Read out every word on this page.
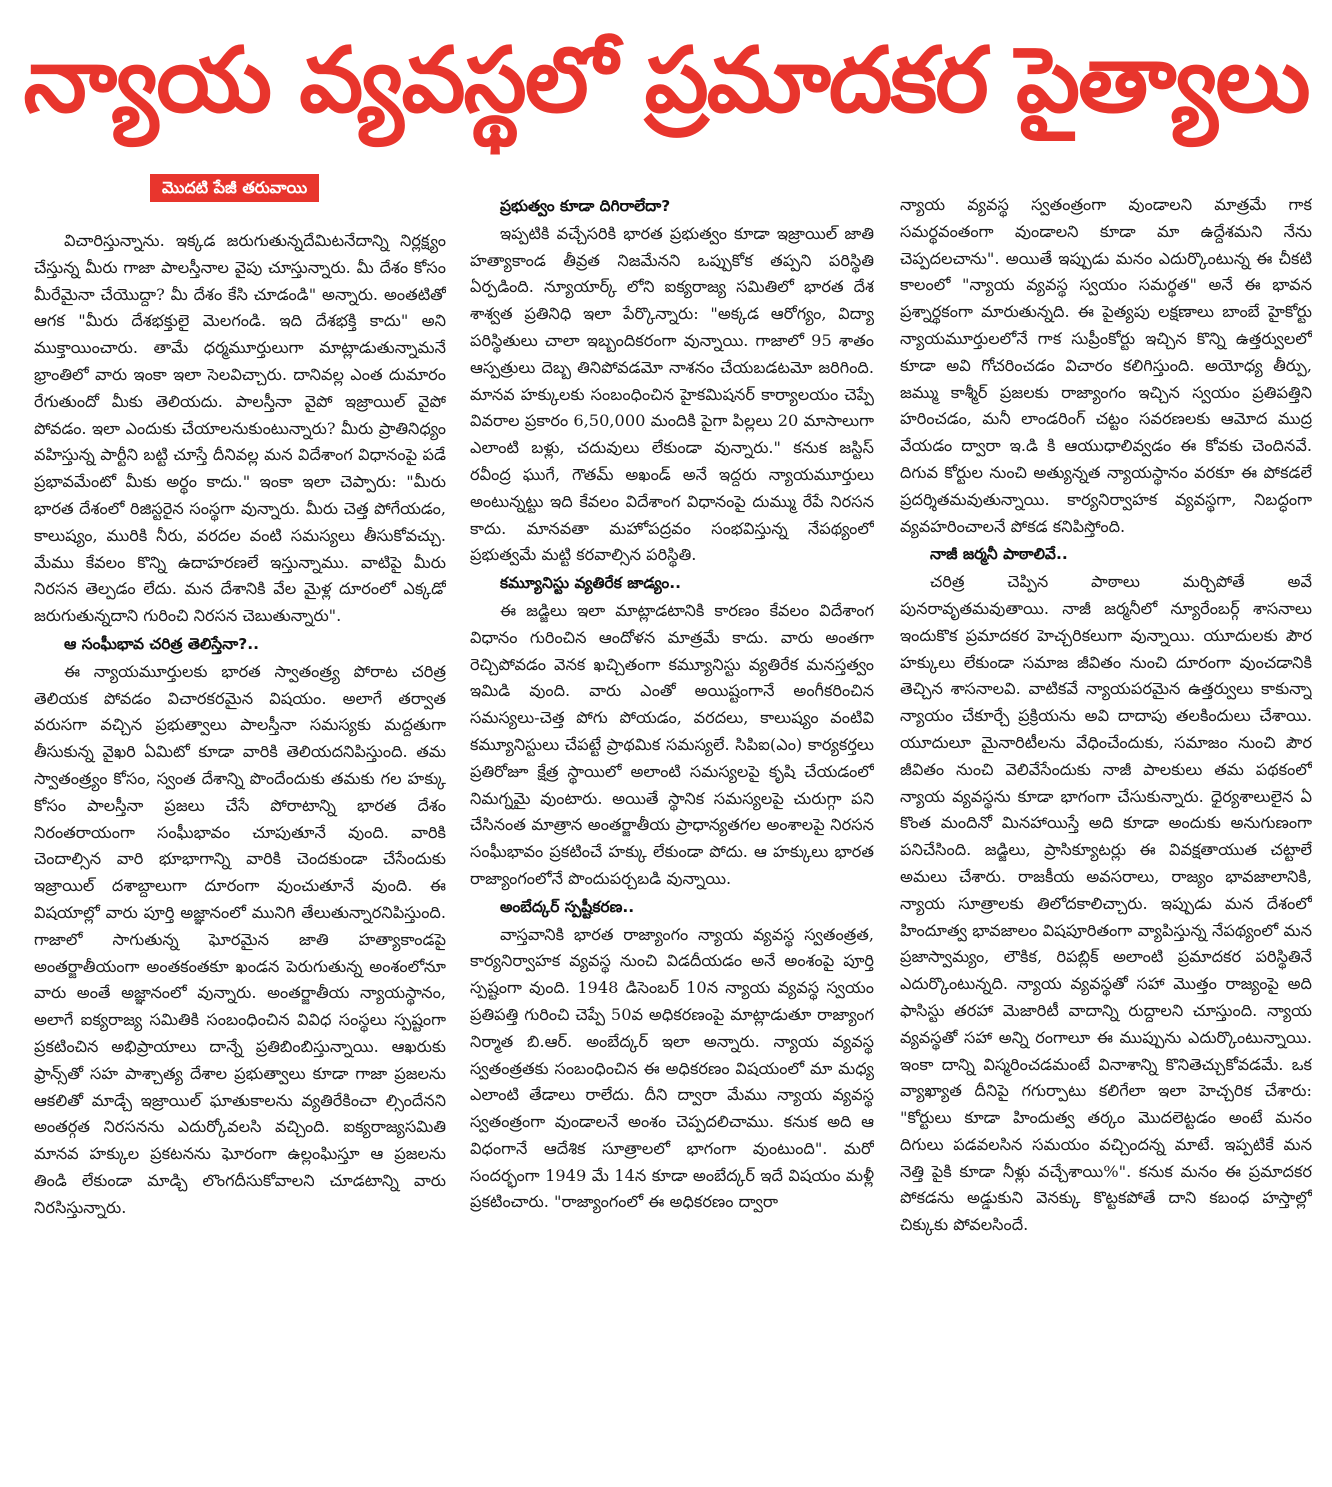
న్యాయ వ్యవస్థలో ప్రమాదకర పైత్యాలు
మొదటి పేజీ తరువాయి

విచారిస్తున్నాను. ఇక్కడ జరుగుతున్నదేమిటనేదాన్ని నిర్లక్ష్యం చేస్తున్న మీరు గాజా పాలస్తీనాల వైపు చూస్తున్నారు. మీ దేశం కోసం మీరేమైనా చేయొద్దా? మీ దేశం కేసి చూడండి" అన్నారు. అంతటితో ఆగక "మీరు దేశభక్తులై మెలగండి. ఇది దేశభక్తి కాదు" అని ముక్తాయించారు. తామే ధర్మమూర్తులుగా మాట్లాడుతున్నామనే భ్రాంతిలో వారు ఇంకా ఇలా సెలవిచ్చారు. దానివల్ల ఎంత దుమారం రేగుతుందో మీకు తెలియదు. పాలస్తీనా వైపో ఇజ్రాయిల్ వైపో పోవడం. ఇలా ఎందుకు చేయాలనుకుంటున్నారు? మీరు ప్రాతినిధ్యం వహిస్తున్న పార్టీని బట్టి చూస్తే దీనివల్ల మన విదేశాంగ విధానంపై పడే ప్రభావమేంటో మీకు అర్థం కాదు." ఇంకా ఇలా చెప్పారు: "మీరు భారత దేశంలో రిజిస్టరైన సంస్థగా వున్నారు. మీరు చెత్త పోగేయడం, కాలుష్యం, మురికి నీరు, వరదల వంటి సమస్యలు తీసుకోవచ్చు. మేము కేవలం కొన్ని ఉదాహరణలే ఇస్తున్నాము. వాటిపై మీరు నిరసన తెల్పడం లేదు. మన దేశానికి వేల మైళ్ల దూరంలో ఎక్కడో జరుగుతున్నదాని గురించి నిరసన చెబుతున్నారు".

ఆ సంఘీభావ చరిత్ర తెలిస్తేనా?..

ఈ న్యాయమూర్తులకు భారత స్వాతంత్ర్య పోరాట చరిత్ర తెలియక పోవడం విచారకరమైన విషయం. అలాగే తర్వాత వరుసగా వచ్చిన ప్రభుత్వాలు పాలస్తీనా సమస్యకు మద్దతుగా తీసుకున్న వైఖరి ఏమిటో కూడా వారికి తెలియదనిపిస్తుంది. తమ స్వాతంత్ర్యం కోసం, స్వంత దేశాన్ని పొందేందుకు తమకు గల హక్కు కోసం పాలస్తీనా ప్రజలు చేసే పోరాటాన్ని భారత దేశం నిరంతరాయంగా సంఘీభావం చూపుతూనే వుంది. వారికి చెందాల్సిన వారి భూభాగాన్ని వారికి చెందకుండా చేసేందుకు ఇజ్రాయిల్ దశాబ్దాలుగా దూరంగా వుంచుతూనే వుంది. ఈ విషయాల్లో వారు పూర్తి అజ్ఞానంలో మునిగి తేలుతున్నారనిపిస్తుంది. గాజాలో సాగుతున్న ఘోరమైన జాతి హత్యాకాండపై అంతర్జాతీయంగా అంతకంతకూ ఖండన పెరుగుతున్న అంశంలోనూ వారు అంతే అజ్ఞానంలో వున్నారు. అంతర్జాతీయ న్యాయస్థానం, అలాగే ఐక్యరాజ్య సమితికి సంబంధించిన వివిధ సంస్థలు స్పష్టంగా ప్రకటించిన అభిప్రాయాలు దాన్నే ప్రతిబింబిస్తున్నాయి. ఆఖరుకు ఫ్రాన్స్‌తో సహ పాశ్చాత్య దేశాల ప్రభుత్వాలు కూడా గాజా ప్రజలను ఆకలితో మాడ్చే ఇజ్రాయిల్ ఘాతుకాలను వ్యతిరేకించా ల్సిందేనని అంతర్గత నిరసనను ఎదుర్కోవలసి వచ్చింది. ఐక్యరాజ్యసమితి మానవ హక్కుల ప్రకటనను ఘోరంగా ఉల్లంఘిస్తూ ఆ ప్రజలను తిండి లేకుండా మాడ్చి లొంగదీసుకోవాలని చూడటాన్ని వారు నిరసిస్తున్నారు.

ప్రభుత్వం కూడా దిగిరాలేదా?

ఇప్పటికి వచ్చేసరికి భారత ప్రభుత్వం కూడా ఇజ్రాయిల్ జాతి హత్యాకాండ తీవ్రత నిజమేనని ఒప్పుకోక తప్పని పరిస్థితి ఏర్పడింది. న్యూయార్క్ లోని ఐక్యరాజ్య సమితిలో భారత దేశ శాశ్వత ప్రతినిధి ఇలా పేర్కొన్నారు: "అక్కడ ఆరోగ్యం, విద్యా పరిస్థితులు చాలా ఇబ్బందికరంగా వున్నాయి. గాజాలో 95 శాతం ఆస్పత్రులు దెబ్బ తినిపోవడమో నాశనం చేయబడటమో జరిగింది. మానవ హక్కులకు సంబంధించిన హైకమిషనర్ కార్యాలయం చెప్పే వివరాల ప్రకారం 6,50,000 మందికి పైగా పిల్లలు 20 మాసాలుగా ఎలాంటి బళ్లు, చదువులు లేకుండా వున్నారు." కనుక జస్టిస్ రవీంద్ర ఘుగే, గౌతమ్ అఖండ్ అనే ఇద్దరు న్యాయమూర్తులు అంటున్నట్టు ఇది కేవలం విదేశాంగ విధానంపై దుమ్ము రేపే నిరసన కాదు. మానవతా మహోపద్రవం సంభవిస్తున్న నేపథ్యంలో ప్రభుత్వమే మట్టి కరవాల్సిన పరిస్థితి.

కమ్యూనిస్టు వ్యతిరేక జాడ్యం..

ఈ జడ్జిలు ఇలా మాట్లాడటానికి కారణం కేవలం విదేశాంగ విధానం గురించిన ఆందోళన మాత్రమే కాదు. వారు అంతగా రెచ్చిపోవడం వెనక ఖచ్చితంగా కమ్యూనిస్టు వ్యతిరేక మనస్తత్వం ఇమిడి వుంది. వారు ఎంతో అయిష్టంగానే అంగీకరించిన సమస్యలు-చెత్త పోగు పోయడం, వరదలు, కాలుష్యం వంటివి కమ్యూనిస్టులు చేపట్టే ప్రాథమిక సమస్యలే. సిపిఐ(ఎం) కార్యకర్తలు ప్రతిరోజూ క్షేత్ర స్థాయిలో అలాంటి సమస్యలపై కృషి చేయడంలో నిమగ్నమై వుంటారు. అయితే స్థానిక సమస్యలపై చురుగ్గా పని చేసినంత మాత్రాన అంతర్జాతీయ ప్రాధాన్యతగల అంశాలపై నిరసన సంఘీభావం ప్రకటించే హక్కు లేకుండా పోదు. ఆ హక్కులు భారత రాజ్యాంగంలోనే పొందుపర్చబడి వున్నాయి.

అంబేద్కర్ స్పష్టీకరణ..

వాస్తవానికి భారత రాజ్యాంగం న్యాయ వ్యవస్థ స్వతంత్రత, కార్యనిర్వాహక వ్యవస్థ నుంచి విడదీయడం అనే అంశంపై పూర్తి స్పష్టంగా వుంది. 1948 డిసెంబర్ 10న న్యాయ వ్యవస్థ స్వయం ప్రతిపత్తి గురించి చెప్పే 50వ అధికరణంపై మాట్లాడుతూ రాజ్యాంగ నిర్మాత బి.ఆర్. అంబేద్కర్ ఇలా అన్నారు. న్యాయ వ్యవస్థ స్వతంత్రతకు సంబంధించిన ఈ అధికరణం విషయంలో మా మధ్య ఎలాంటి తేడాలు రాలేదు. దీని ద్వారా మేము న్యాయ వ్యవస్థ స్వతంత్రంగా వుండాలనే అంశం చెప్పదలిచాము. కనుక అది ఆ విధంగానే ఆదేశిక సూత్రాలలో భాగంగా వుంటుంది". మరో సందర్భంగా 1949 మే 14న కూడా అంబేద్కర్ ఇదే విషయం మళ్లీ ప్రకటించారు. "రాజ్యాంగంలో ఈ అధికరణం ద్వారా

న్యాయ వ్యవస్థ స్వతంత్రంగా వుండాలని మాత్రమే గాక సమర్థవంతంగా వుండాలని కూడా మా ఉద్దేశమని నేను చెప్పదలచాను". అయితే ఇప్పుడు మనం ఎదుర్కొంటున్న ఈ చీకటి కాలంలో "న్యాయ వ్యవస్థ స్వయం సమర్థత" అనే ఈ భావన ప్రశ్నార్థకంగా మారుతున్నది. ఈ పైత్యపు లక్షణాలు బాంబే హైకోర్టు న్యాయమూర్తులలోనే గాక సుప్రీంకోర్టు ఇచ్చిన కొన్ని ఉత్తర్వులలో కూడా అవి గోచరించడం విచారం కలిగిస్తుంది. అయోధ్య తీర్పు, జమ్ము కాశ్మీర్ ప్రజలకు రాజ్యాంగం ఇచ్చిన స్వయం ప్రతిపత్తిని హరించడం, మనీ లాండరింగ్ చట్టం సవరణలకు ఆమోద ముద్ర వేయడం ద్వారా ఇ.డి కి ఆయుధాలివ్వడం ఈ కోవకు చెందినవే. దిగువ కోర్టుల నుంచి అత్యున్నత న్యాయస్థానం వరకూ ఈ పోకడలే ప్రదర్శితమవుతున్నాయి. కార్యనిర్వాహక వ్యవస్థగా, నిబద్ధంగా వ్యవహరించాలనే పోకడ కనిపిస్తోంది.

నాజీ జర్మనీ పాఠాలివే..

చరిత్ర చెప్పిన పాఠాలు మర్చిపోతే అవే పునరావృతమవుతాయి. నాజీ జర్మనీలో న్యూరేంబర్గ్ శాసనాలు ఇందుకొక ప్రమాదకర హెచ్చరికలుగా వున్నాయి. యూదులకు పౌర హక్కులు లేకుండా సమాజ జీవితం నుంచి దూరంగా వుంచడానికి తెచ్చిన శాసనాలవి. వాటికవే న్యాయపరమైన ఉత్తర్వులు కాకున్నా న్యాయం చేకూర్చే ప్రక్రియను అవి దాదాపు తలకిందులు చేశాయి. యూదులూ మైనారిటీలను వేధించేందుకు, సమాజం నుంచి పౌర జీవితం నుంచి వెలివేసేందుకు నాజీ పాలకులు తమ పథకంలో న్యాయ వ్యవస్థను కూడా భాగంగా చేసుకున్నారు. ధైర్యశాలులైన ఏ కొంత మందినో మినహాయిస్తే అది కూడా అందుకు అనుగుణంగా పనిచేసింది. జడ్జిలు, ప్రాసిక్యూటర్లు ఈ వివక్షతాయుత చట్టాలే అమలు చేశారు. రాజకీయ అవసరాలు, రాజ్యం భావజాలానికి, న్యాయ సూత్రాలకు తిలోదకాలిచ్చారు. ఇప్పుడు మన దేశంలో హిందూత్వ భావజాలం విషపూరితంగా వ్యాపిస్తున్న నేపథ్యంలో మన ప్రజాస్వామ్యం, లౌకిక, రిపబ్లిక్ అలాంటి ప్రమాదకర పరిస్థితినే ఎదుర్కొంటున్నది. న్యాయ వ్యవస్థతో సహా మొత్తం రాజ్యంపై అది ఫాసిస్టు తరహా మెజారిటీ వాదాన్ని రుద్దాలని చూస్తుంది. న్యాయ వ్యవస్థతో సహా అన్ని రంగాలూ ఈ ముప్పును ఎదుర్కొంటున్నాయి. ఇంకా దాన్ని విస్మరించడమంటే వినాశాన్ని కొనితెచ్చుకోవడమే. ఒక వ్యాఖ్యాత దీనిపై గగుర్పాటు కలిగేలా ఇలా హెచ్చరిక చేశారు: "కోర్టులు కూడా హిందుత్వ తర్కం మొదలెట్టడం అంటే మనం దిగులు పడవలసిన సమయం వచ్చిందన్న మాటే. ఇప్పటికే మన నెత్తి పైకి కూడా నీళ్లు వచ్చేశాయి%". కనుక మనం ఈ ప్రమాదకర పోకడను అడ్డుకుని వెనక్కు కొట్టకపోతే దాని కబంధ హస్తాల్లో చిక్కుకు పోవలసిందే.
